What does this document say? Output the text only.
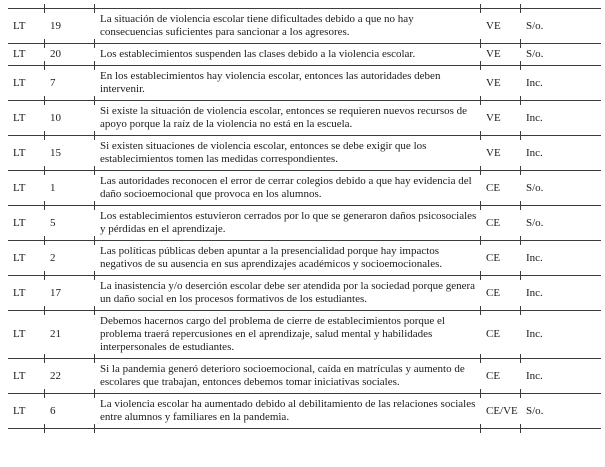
LT	19	La situación de violencia escolar tiene dificultades debido a que no hay consecuencias suficientes para sancionar a los agresores.	VE	S/o.
LT	20	Los establecimientos suspenden las clases debido a la violencia escolar.	VE	S/o.
LT	7	En los establecimientos hay violencia escolar, entonces las autoridades deben intervenir.	VE	Inc.
LT	10	Si existe la situación de violencia escolar, entonces se requieren nuevos recursos de apoyo porque la raíz de la violencia no está en la escuela.	VE	Inc.
LT	15	Si existen situaciones de violencia escolar, entonces se debe exigir que los establecimientos tomen las medidas correspondientes.	VE	Inc.
LT	1	Las autoridades reconocen el error de cerrar colegios debido a que hay evidencia del daño socioemocional que provoca en los alumnos.	CE	S/o.
LT	5	Los establecimientos estuvieron cerrados por lo que se generaron daños psicosociales y pérdidas en el aprendizaje.	CE	S/o.
LT	2	Las políticas públicas deben apuntar a la presencialidad porque hay impactos negativos de su ausencia en sus aprendizajes académicos y socioemocionales.	CE	Inc.
LT	17	La inasistencia y/o deserción escolar debe ser atendida por la sociedad porque genera un daño social en los procesos formativos de los estudiantes.	CE	Inc.
LT	21	Debemos hacernos cargo del problema de cierre de establecimientos porque el problema traerá repercusiones en el aprendizaje, salud mental y habilidades interpersonales de estudiantes.	CE	Inc.
LT	22	Si la pandemia generó deterioro socioemocional, caída en matrículas y aumento de escolares que trabajan, entonces debemos tomar iniciativas sociales.	CE	Inc.
LT	6	La violencia escolar ha aumentado debido al debilitamiento de las relaciones sociales entre alumnos y familiares en la pandemia.	CE/VE	S/o.
